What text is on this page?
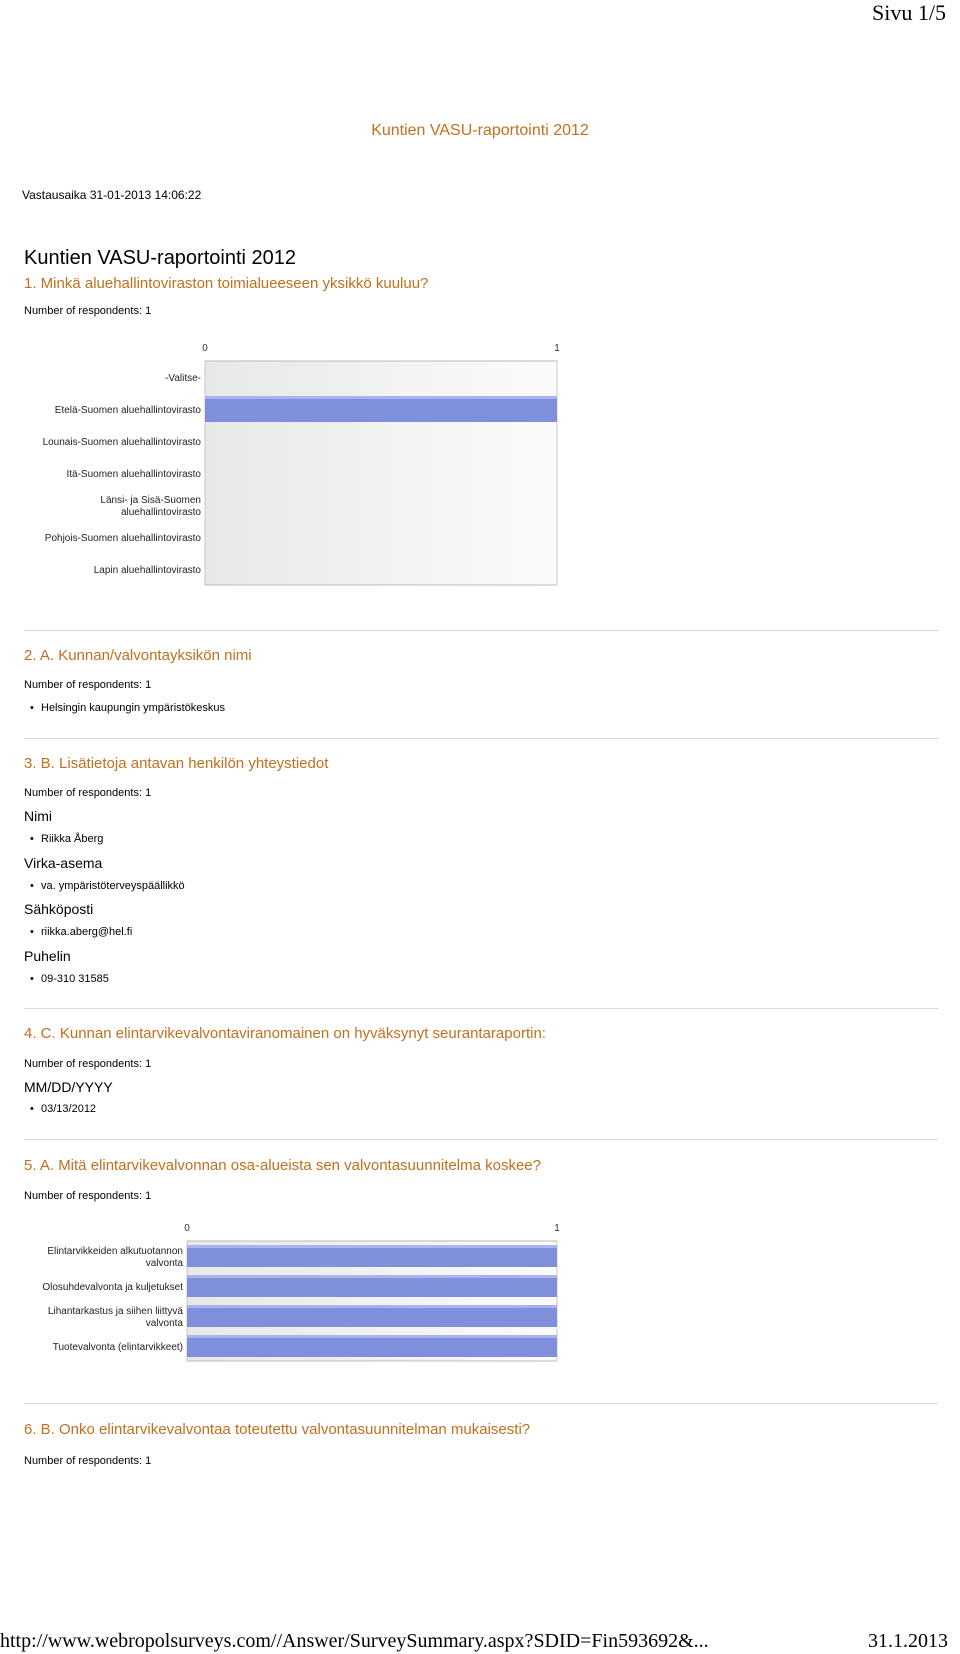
Sivu 1/5
Kuntien VASU-raportointi 2012
Vastausaika 31-01-2013 14:06:22
Kuntien VASU-raportointi 2012
1. Minkä aluehallintoviraston toimialueeseen yksikkö kuuluu?
Number of respondents: 1
0	1
-Valitse-
Etelä-Suomen aluehallintovirasto
Lounais-Suomen aluehallintovirasto
Itä-Suomen aluehallintovirasto
Länsi- ja Sisä-Suomen
aluehallintovirasto
Pohjois-Suomen aluehallintovirasto
Lapin aluehallintovirasto
2. A. Kunnan/valvontayksikön nimi
Number of respondents: 1
• Helsingin kaupungin ympäristökeskus
3. B. Lisätietoja antavan henkilön yhteystiedot
Number of respondents: 1
Nimi
• Riikka Åberg
Virka-asema
• va. ympäristöterveyspäällikkö
Sähköposti
• riikka.aberg@hel.fi
Puhelin
• 09-310 31585
4. C. Kunnan elintarvikevalvontaviranomainen on hyväksynyt seurantaraportin:
Number of respondents: 1
MM/DD/YYYY
• 03/13/2012
5. A. Mitä elintarvikevalvonnan osa-alueista sen valvontasuunnitelma koskee?
Number of respondents: 1
0	1
Elintarvikkeiden alkutuotannon
valvonta
Olosuhdevalvonta ja kuljetukset
Lihantarkastus ja siihen liittyvä
valvonta
Tuotevalvonta (elintarvikkeet)
6. B. Onko elintarvikevalvontaa toteutettu valvontasuunnitelman mukaisesti?
Number of respondents: 1
http://www.webropolsurveys.com//Answer/SurveySummary.aspx?SDID=Fin593692&...	31.1.2013
